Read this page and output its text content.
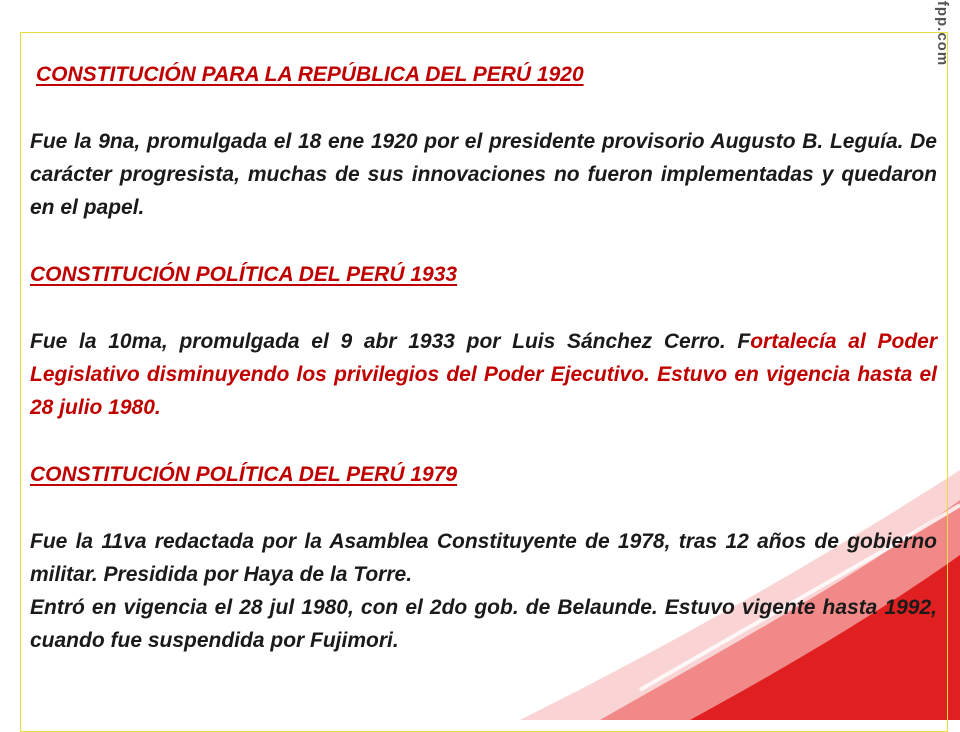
fpp.com
CONSTITUCIÓN PARA LA REPÚBLICA DEL PERÚ 1920
Fue la 9na, promulgada el 18 ene 1920 por el presidente provisorio Augusto B. Leguía. De carácter progresista, muchas de sus innovaciones no fueron implementadas y quedaron en el papel.
CONSTITUCIÓN POLÍTICA DEL PERÚ 1933
Fue la 10ma, promulgada el 9 abr 1933 por Luis Sánchez Cerro. Fortalecía al Poder Legislativo disminuyendo los privilegios del Poder Ejecutivo. Estuvo en vigencia hasta el 28 julio 1980.
CONSTITUCIÓN POLÍTICA DEL PERÚ 1979
Fue la 11va redactada por la Asamblea Constituyente de 1978, tras 12 años de gobierno militar. Presidida por Haya de la Torre.
Entró en vigencia el 28 jul 1980, con el 2do gob. de Belaunde. Estuvo vigente hasta 1992, cuando fue suspendida por Fujimori.
